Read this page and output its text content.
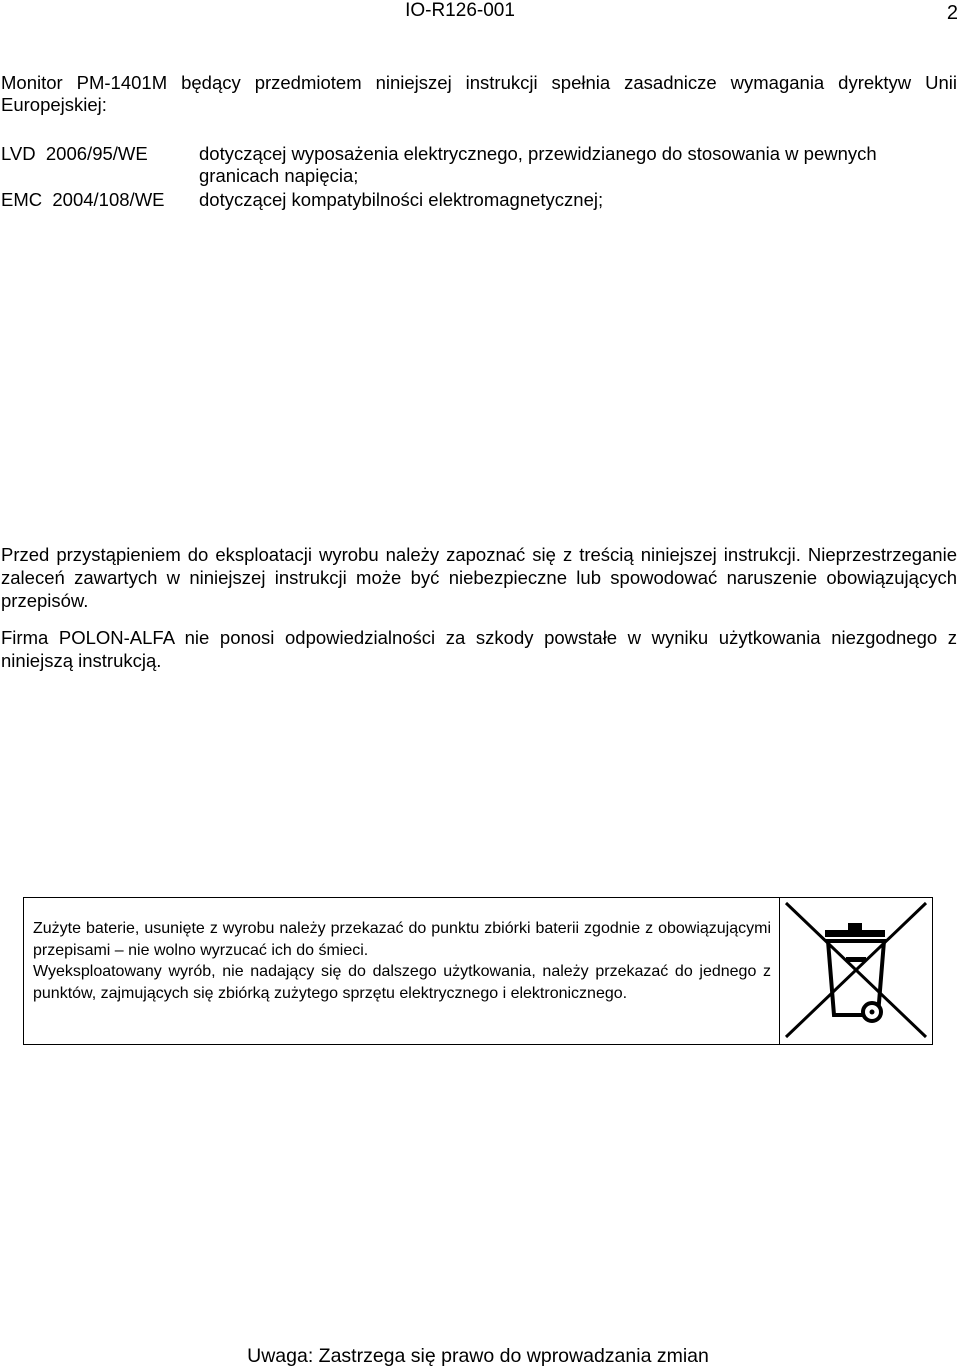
IO-R126-001	2
Monitor PM-1401M będący przedmiotem niniejszej instrukcji spełnia zasadnicze wymagania dyrektyw Unii Europejskiej:
LVD  2006/95/WE	dotyczącej wyposażenia elektrycznego, przewidzianego do stosowania w pewnych granicach napięcia;
EMC  2004/108/WE dotyczącej kompatybilności elektromagnetycznej;
Przed przystąpieniem do eksploatacji wyrobu należy zapoznać się z treścią niniejszej instrukcji. Nieprzestrzeganie zaleceń zawartych w niniejszej instrukcji może być niebezpieczne lub spowodować naruszenie obowiązujących przepisów.
Firma POLON-ALFA nie ponosi odpowiedzialności za szkody powstałe w wyniku użytkowania niezgodnego z niniejszą instrukcją.

Zużyte baterie, usunięte z wyrobu należy przekazać do punktu zbiórki baterii zgodnie z obowiązującymi przepisami – nie wolno wyrzucać ich do śmieci.

Wyeksploatowany wyrób, nie nadający się do dalszego użytkowania, należy przekazać do jednego z punktów, zajmujących się zbiórką zużytego sprzętu elektrycznego i elektronicznego.

Uwaga: Zastrzega się prawo do wprowadzania zmian
